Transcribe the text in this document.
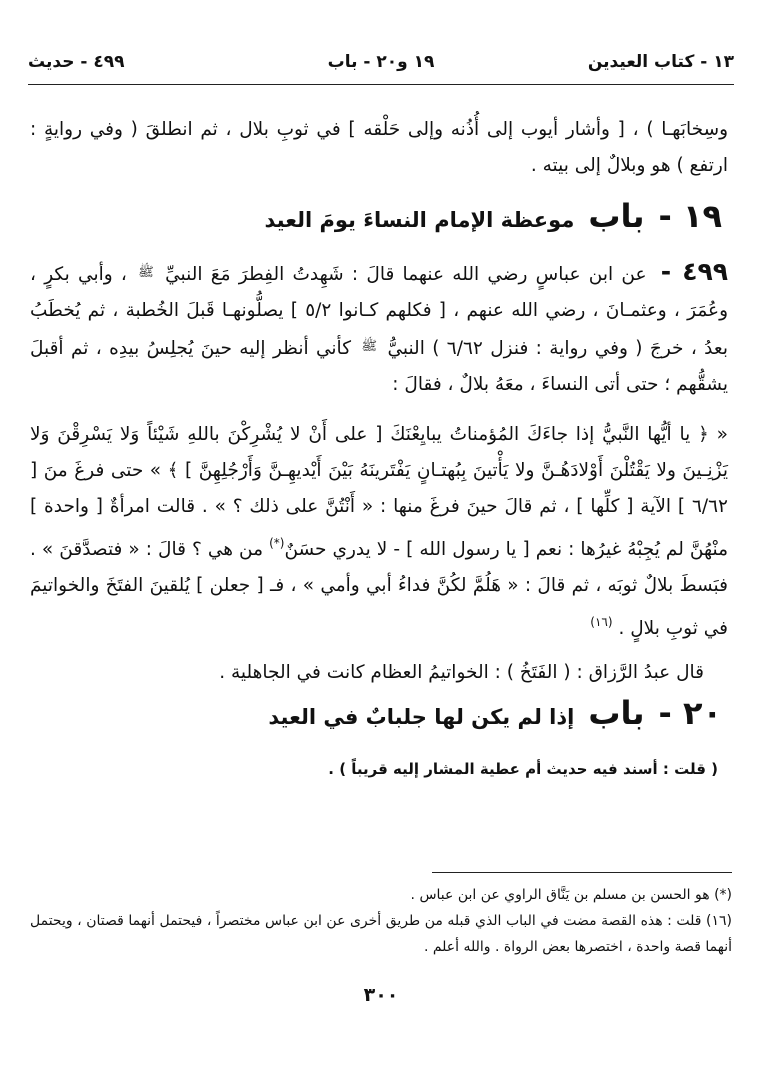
١٣ - كتاب العيدين
١٩ و٢٠ - باب
٤٩٩ - حديث

وسِخابَهـا ) ، [ وأشار أيوب إلى أُذُنه وإلى حَلْقه ] في ثوبِ بلال ، ثم انطلقَ ( وفي روايةٍ : ارتفع ) هو وبلالٌ إلى بيته .

١٩ -
باب
موعظة الإمام النساءَ يومَ العيد

٤٩٩ - عن ابن عباسٍ رضي الله عنهما قالَ : شَهِدتُ الفِطرَ مَعَ النبيِّ $^ﷺ$ ، وأبي بكرٍ ، وعُمَرَ ، وعثمـانَ ، رضي الله عنهم ، [ فكلهم كـانوا ٥/٢ ] يصلُّونهـا قَبلَ الخُطبة ، ثم يُخطَبُ بعدُ ، خرجَ ( وفي رواية : فنزل ٦/٦٢ ) النبيُّ $^ﷺ$ كأني أنظر إليه حينَ يُجلِسُ بيدِه ، ثم أقبلَ يشقُّهم ؛ حتى أتى النساءَ ، معَهُ بلالٌ ، فقالَ :

« ﴿ يا أيُّها النَّبيُّ إذا جاءَكَ المُؤمناتُ يبايِعْنَكَ [ على أَنْ لا يُشْرِكْنَ باللهِ شَيْئاً وَلا يَسْرِقْنَ وَلا يَزْنِـينَ ولا يَقْتُلْنَ أَوْلادَهُـنَّ ولا يَأْتينَ بِبُهتـانٍ يَفْتَرينَهُ بَيْنَ أَيْديهِـنَّ وَأَرْجُلِهِنَّ ] ﴾ » حتى فرغَ منَ [ ٦/٦٢ ] الآية [ كلِّها ] ، ثم قالَ حينَ فرغَ منها : « أَنْتُنَّ على ذلك ؟ » . قالت امرأةٌ [ واحدة ] منْهُنَّ لم يُجِبْهُ غيرُها : نعم [ يا رسول الله ] - لا يدري حسَنٌ(*) من هي ؟ قالَ : « فتصدَّقنَ » . فبَسطَ بلالٌ ثوبَه ، ثم قالَ : « هَلُمَّ لكُنَّ فداءُ أبي وأمي » ، فـ [ جعلن ] يُلقينَ الفتَخَ والخواتيمَ في ثوبِ بلالٍ . $^{(١٦)}$

قال عبدُ الرَّزاق : ( الفَتَخُ ) : الخواتيمُ العظام كانت في الجاهلية .

٢٠ -
باب
إذا لم يكن لها جلبابٌ في العيد

( قلت : أسند فيه حديث أم عطية المشار إليه قريباً ) .

(*) هو الحسن بن مسلم بن يَنَّاق الراوي عن ابن عباس .

(١٦) قلت : هذه القصة مضت في الباب الذي قبله من طريق أخرى عن ابن عباس مختصراً ، فيحتمل أنهما قصتان ، ويحتمل أنهما قصة واحدة ، اختصرها بعض الرواة . والله أعلم .

٣٠٠
